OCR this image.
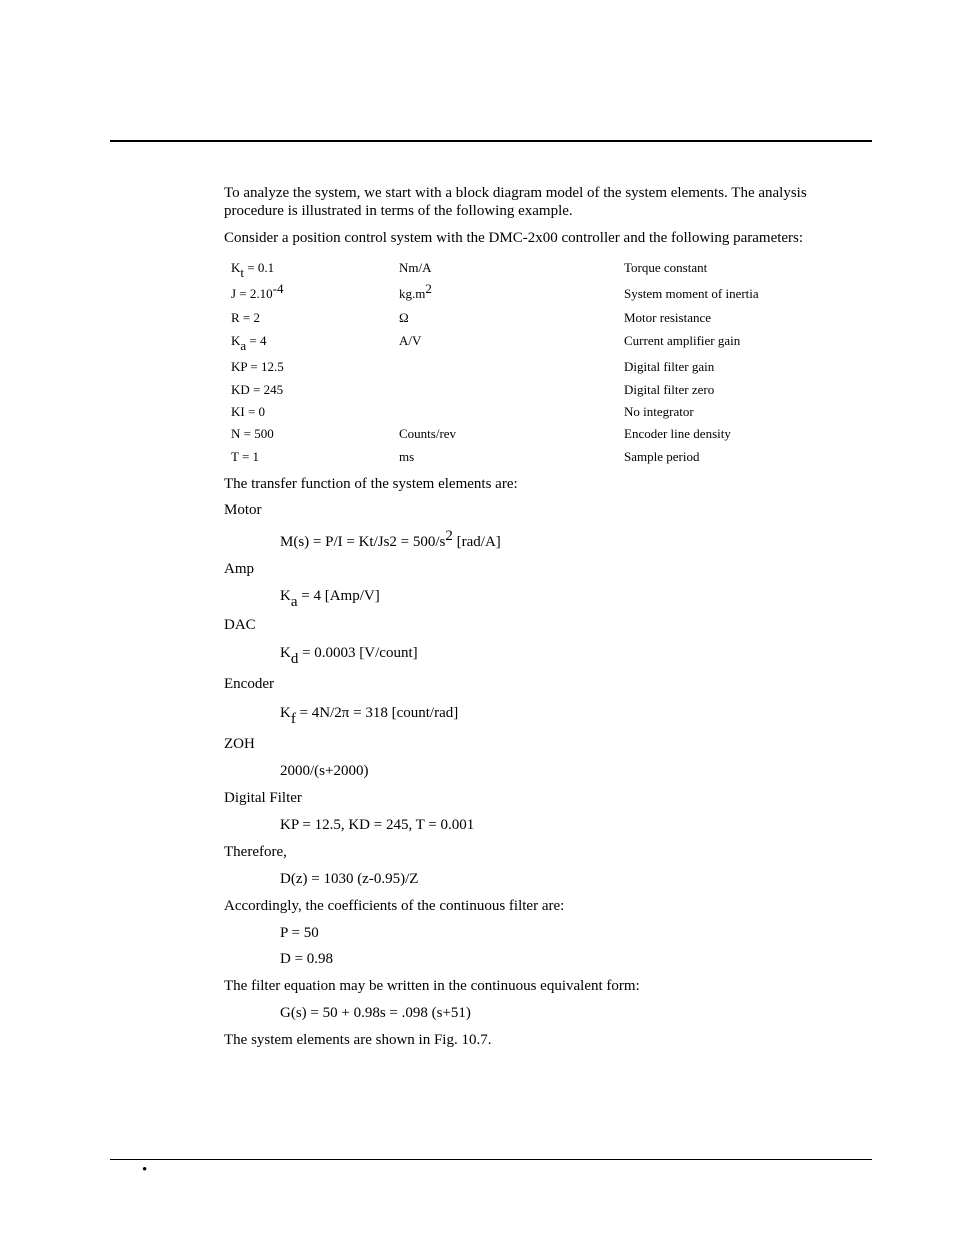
To analyze the system, we start with a block diagram model of the system elements. The analysis procedure is illustrated in terms of the following example.

Consider a position control system with the DMC-2x00 controller and the following parameters:

$K_t = 0.1$	Nm/A	Torque constant
$J = 2.10^{-4}$	$kg.m^2$	System moment of inertia
R = 2	Ω	Motor resistance
$K_a = 4$	A/V	Current amplifier gain
KP = 12.5		Digital filter gain
KD = 245		Digital filter zero
KI = 0		No integrator
N = 500	Counts/rev	Encoder line density
T = 1	ms	Sample period

The transfer function of the system elements are:

Motor

M(s) = P/I = Kt/Js2 = 500/s2 [rad/A]

Amp

Ka = 4 [Amp/V]

DAC

Kd = 0.0003 [V/count]

Encoder

Kf = 4N/2π = 318 [count/rad]

ZOH

2000/(s+2000)

Digital Filter

KP = 12.5, KD = 245, T = 0.001

Therefore,

D(z) = 1030 (z-0.95)/Z

Accordingly, the coefficients of the continuous filter are:

P = 50

D = 0.98

The filter equation may be written in the continuous equivalent form:

G(s) = 50 + 0.98s = .098 (s+51)

The system elements are shown in Fig. 10.7.

•
